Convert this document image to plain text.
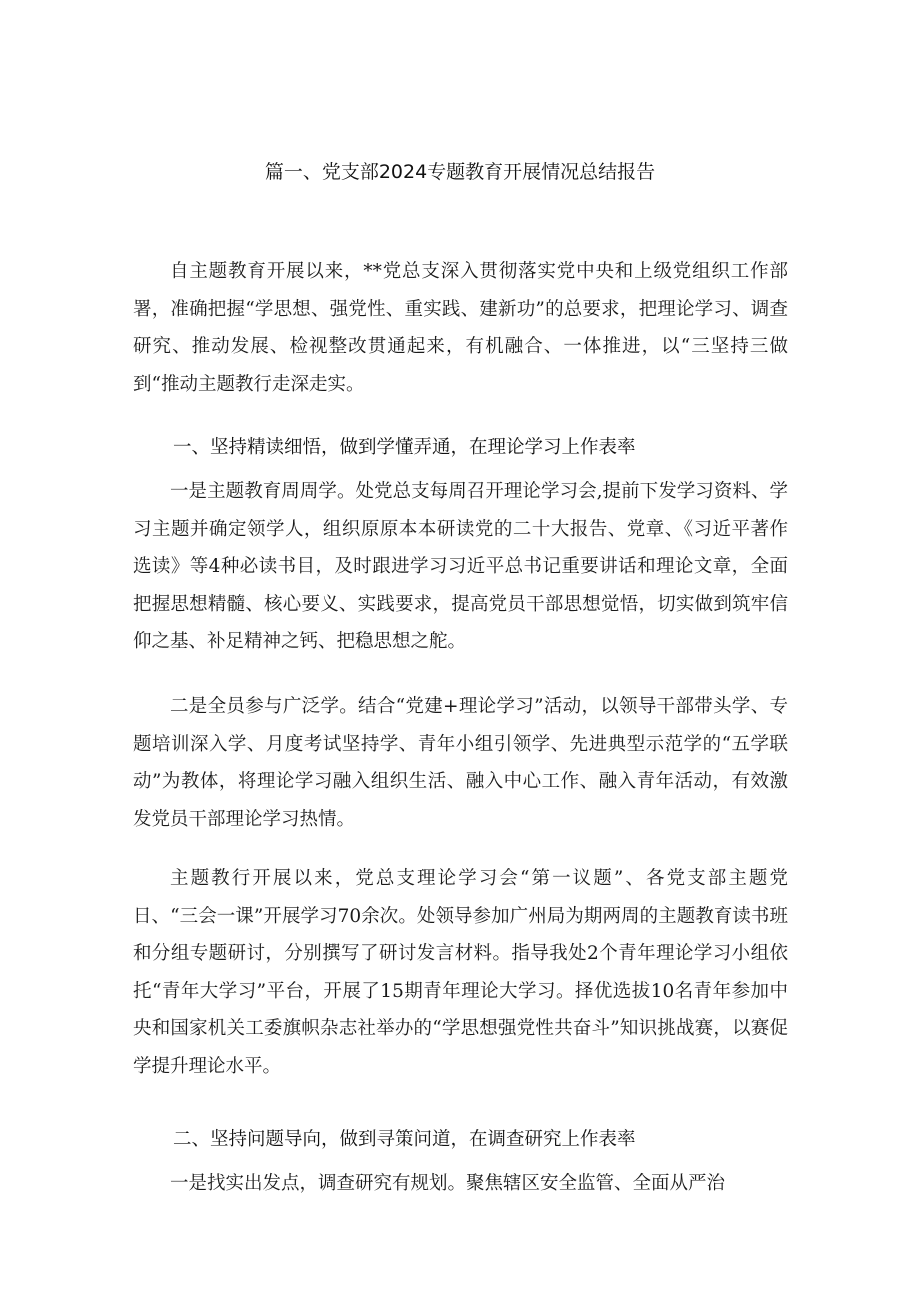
篇一、党支部2024专题教育开展情况总结报告

自主题教育开展以来，**党总支深入贯彻落实党中央和上级党组织工作部署，准确把握“学思想、强党性、重实践、建新功”的总要求，把理论学习、调查研究、推动发展、检视整改贯通起来，有机融合、一体推进，以“三坚持三做到“推动主题教行走深走实。

一、坚持精读细悟，做到学懂弄通，在理论学习上作表率

一是主题教育周周学。处党总支每周召开理论学习会,提前下发学习资料、学习主题并确定领学人，组织原原本本研读党的二十大报告、党章、《习近平著作选读》等4种必读书目，及时跟进学习习近平总书记重要讲话和理论文章，全面把握思想精髓、核心要义、实践要求，提高党员干部思想觉悟，切实做到筑牢信仰之基、补足精神之钙、把稳思想之舵。

二是全员参与广泛学。结合“党建+理论学习”活动，以领导干部带头学、专题培训深入学、月度考试坚持学、青年小组引领学、先进典型示范学的“五学联动”为教体，将理论学习融入组织生活、融入中心工作、融入青年活动，有效激发党员干部理论学习热情。

主题教行开展以来，党总支理论学习会“第一议题”、各党支部主题党日、“三会一课”开展学习70余次。处领导参加广州局为期两周的主题教育读书班和分组专题研讨，分别撰写了研讨发言材料。指导我处2个青年理论学习小组依托“青年大学习”平台，开展了15期青年理论大学习。择优选拔10名青年参加中央和国家机关工委旗帜杂志社举办的“学思想强党性共奋斗”知识挑战赛，以赛促学提升理论水平。

二、坚持问题导向，做到寻策问道，在调查研究上作表率

一是找实出发点，调查研究有规划。聚焦辖区安全监管、全面从严治
